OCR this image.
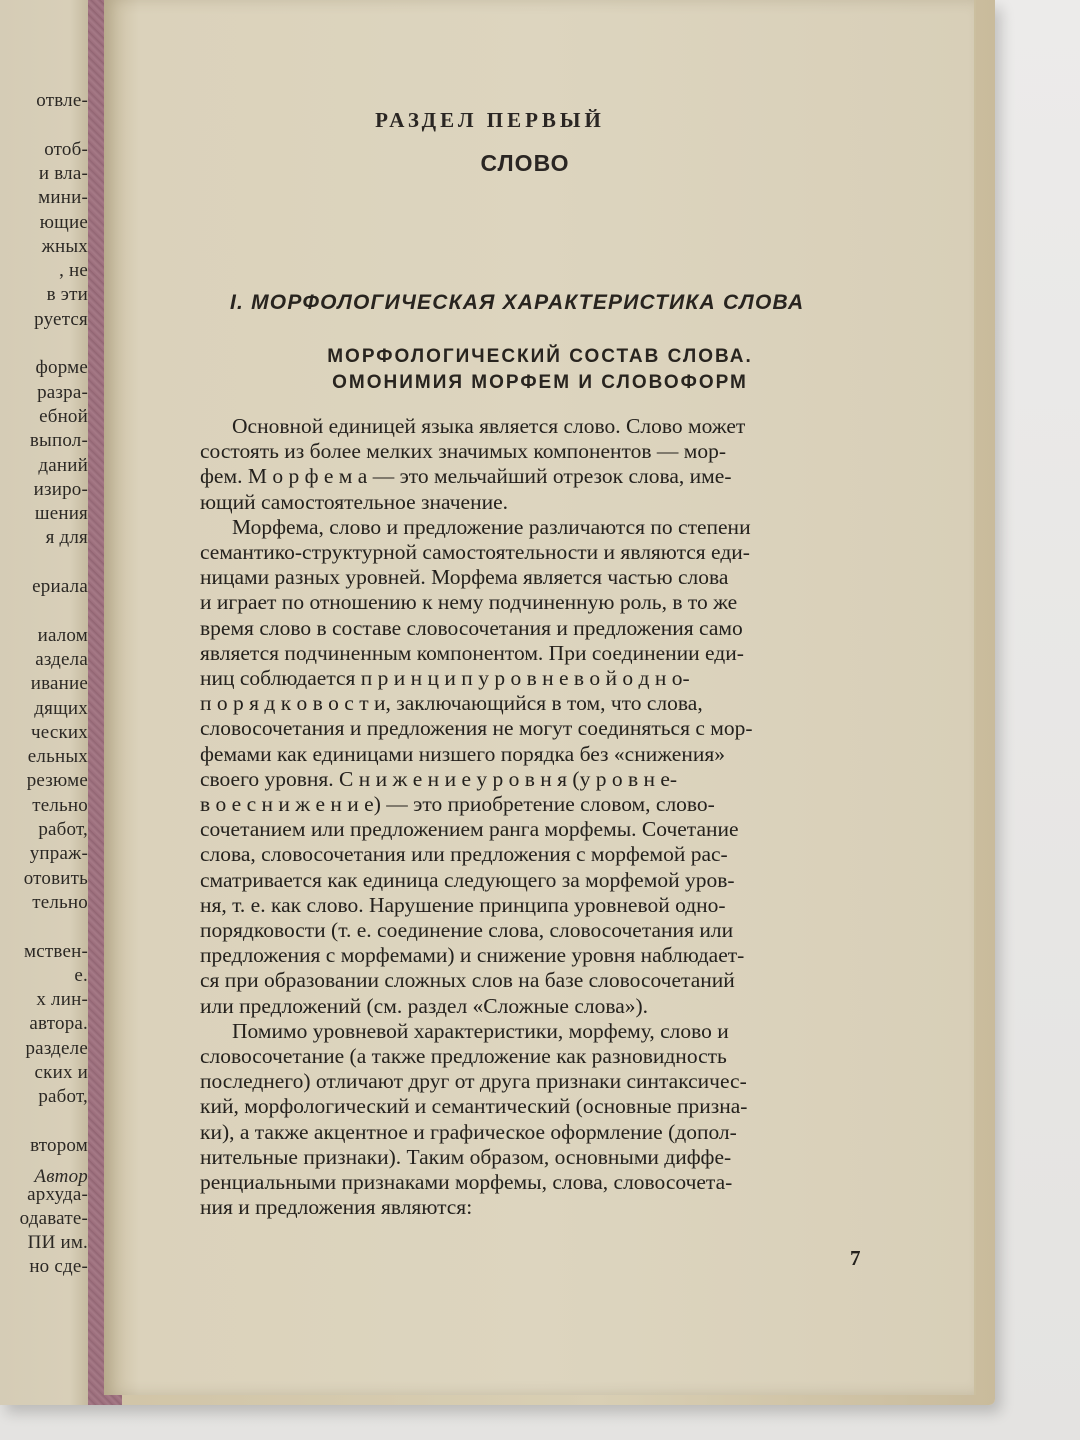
Автор
отвле-
отоб-
и вла-
мини-
ющие
жных
, не
в эти
руется
форме
разра-
ебной
выпол-
даний
изиро-
шения
я для
ериала
иалом
аздела
ивание
дящих
ческих
ельных
резюме
тельно
работ,
упраж-
отовить
тельно
мствен-
е.
х лин-
автора.
разделе
ских и
работ,
втором
архуда-
одавате-
ПИ им.
но сде-
РАЗДЕЛ ПЕРВЫЙ
СЛОВО
I. МОРФОЛОГИЧЕСКАЯ ХАРАКТЕРИСТИКА СЛОВА
МОРФОЛОГИЧЕСКИЙ СОСТАВ СЛОВА.
ОМОНИМИЯ МОРФЕМ И СЛОВОФОРМ
Основной единицей языка является слово. Слово может
состоять из более мелких значимых компонентов — мор-
фем. М о р ф е м а — это мельчайший отрезок слова, име-
ющий самостоятельное значение.
Морфема, слово и предложение различаются по степени
семантико-структурной самостоятельности и являются еди-
ницами разных уровней. Морфема является частью слова
и играет по отношению к нему подчиненную роль, в то же
время слово в составе словосочетания и предложения само
является подчиненным компонентом. При соединении еди-
ниц соблюдается п р и н ц и п у р о в н е в о й о д н о-
п о р я д к о в о с т и, заключающийся в том, что слова,
словосочетания и предложения не могут соединяться с мор-
фемами как единицами низшего порядка без «снижения»
своего уровня. С н и ж е н и е у р о в н я (у р о в н е-
в о е с н и ж е н и е) — это приобретение словом, слово-
сочетанием или предложением ранга морфемы. Сочетание
слова, словосочетания или предложения с морфемой рас-
сматривается как единица следующего за морфемой уров-
ня, т. е. как слово. Нарушение принципа уровневой одно-
порядковости (т. е. соединение слова, словосочетания или
предложения с морфемами) и снижение уровня наблюдает-
ся при образовании сложных слов на базе словосочетаний
или предложений (см. раздел «Сложные слова»).
Помимо уровневой характеристики, морфему, слово и
словосочетание (а также предложение как разновидность
последнего) отличают друг от друга признаки синтаксичес-
кий, морфологический и семантический (основные призна-
ки), а также акцентное и графическое оформление (допол-
нительные признаки). Таким образом, основными диффе-
ренциальными признаками морфемы, слова, словосочета-
ния и предложения являются:
7
